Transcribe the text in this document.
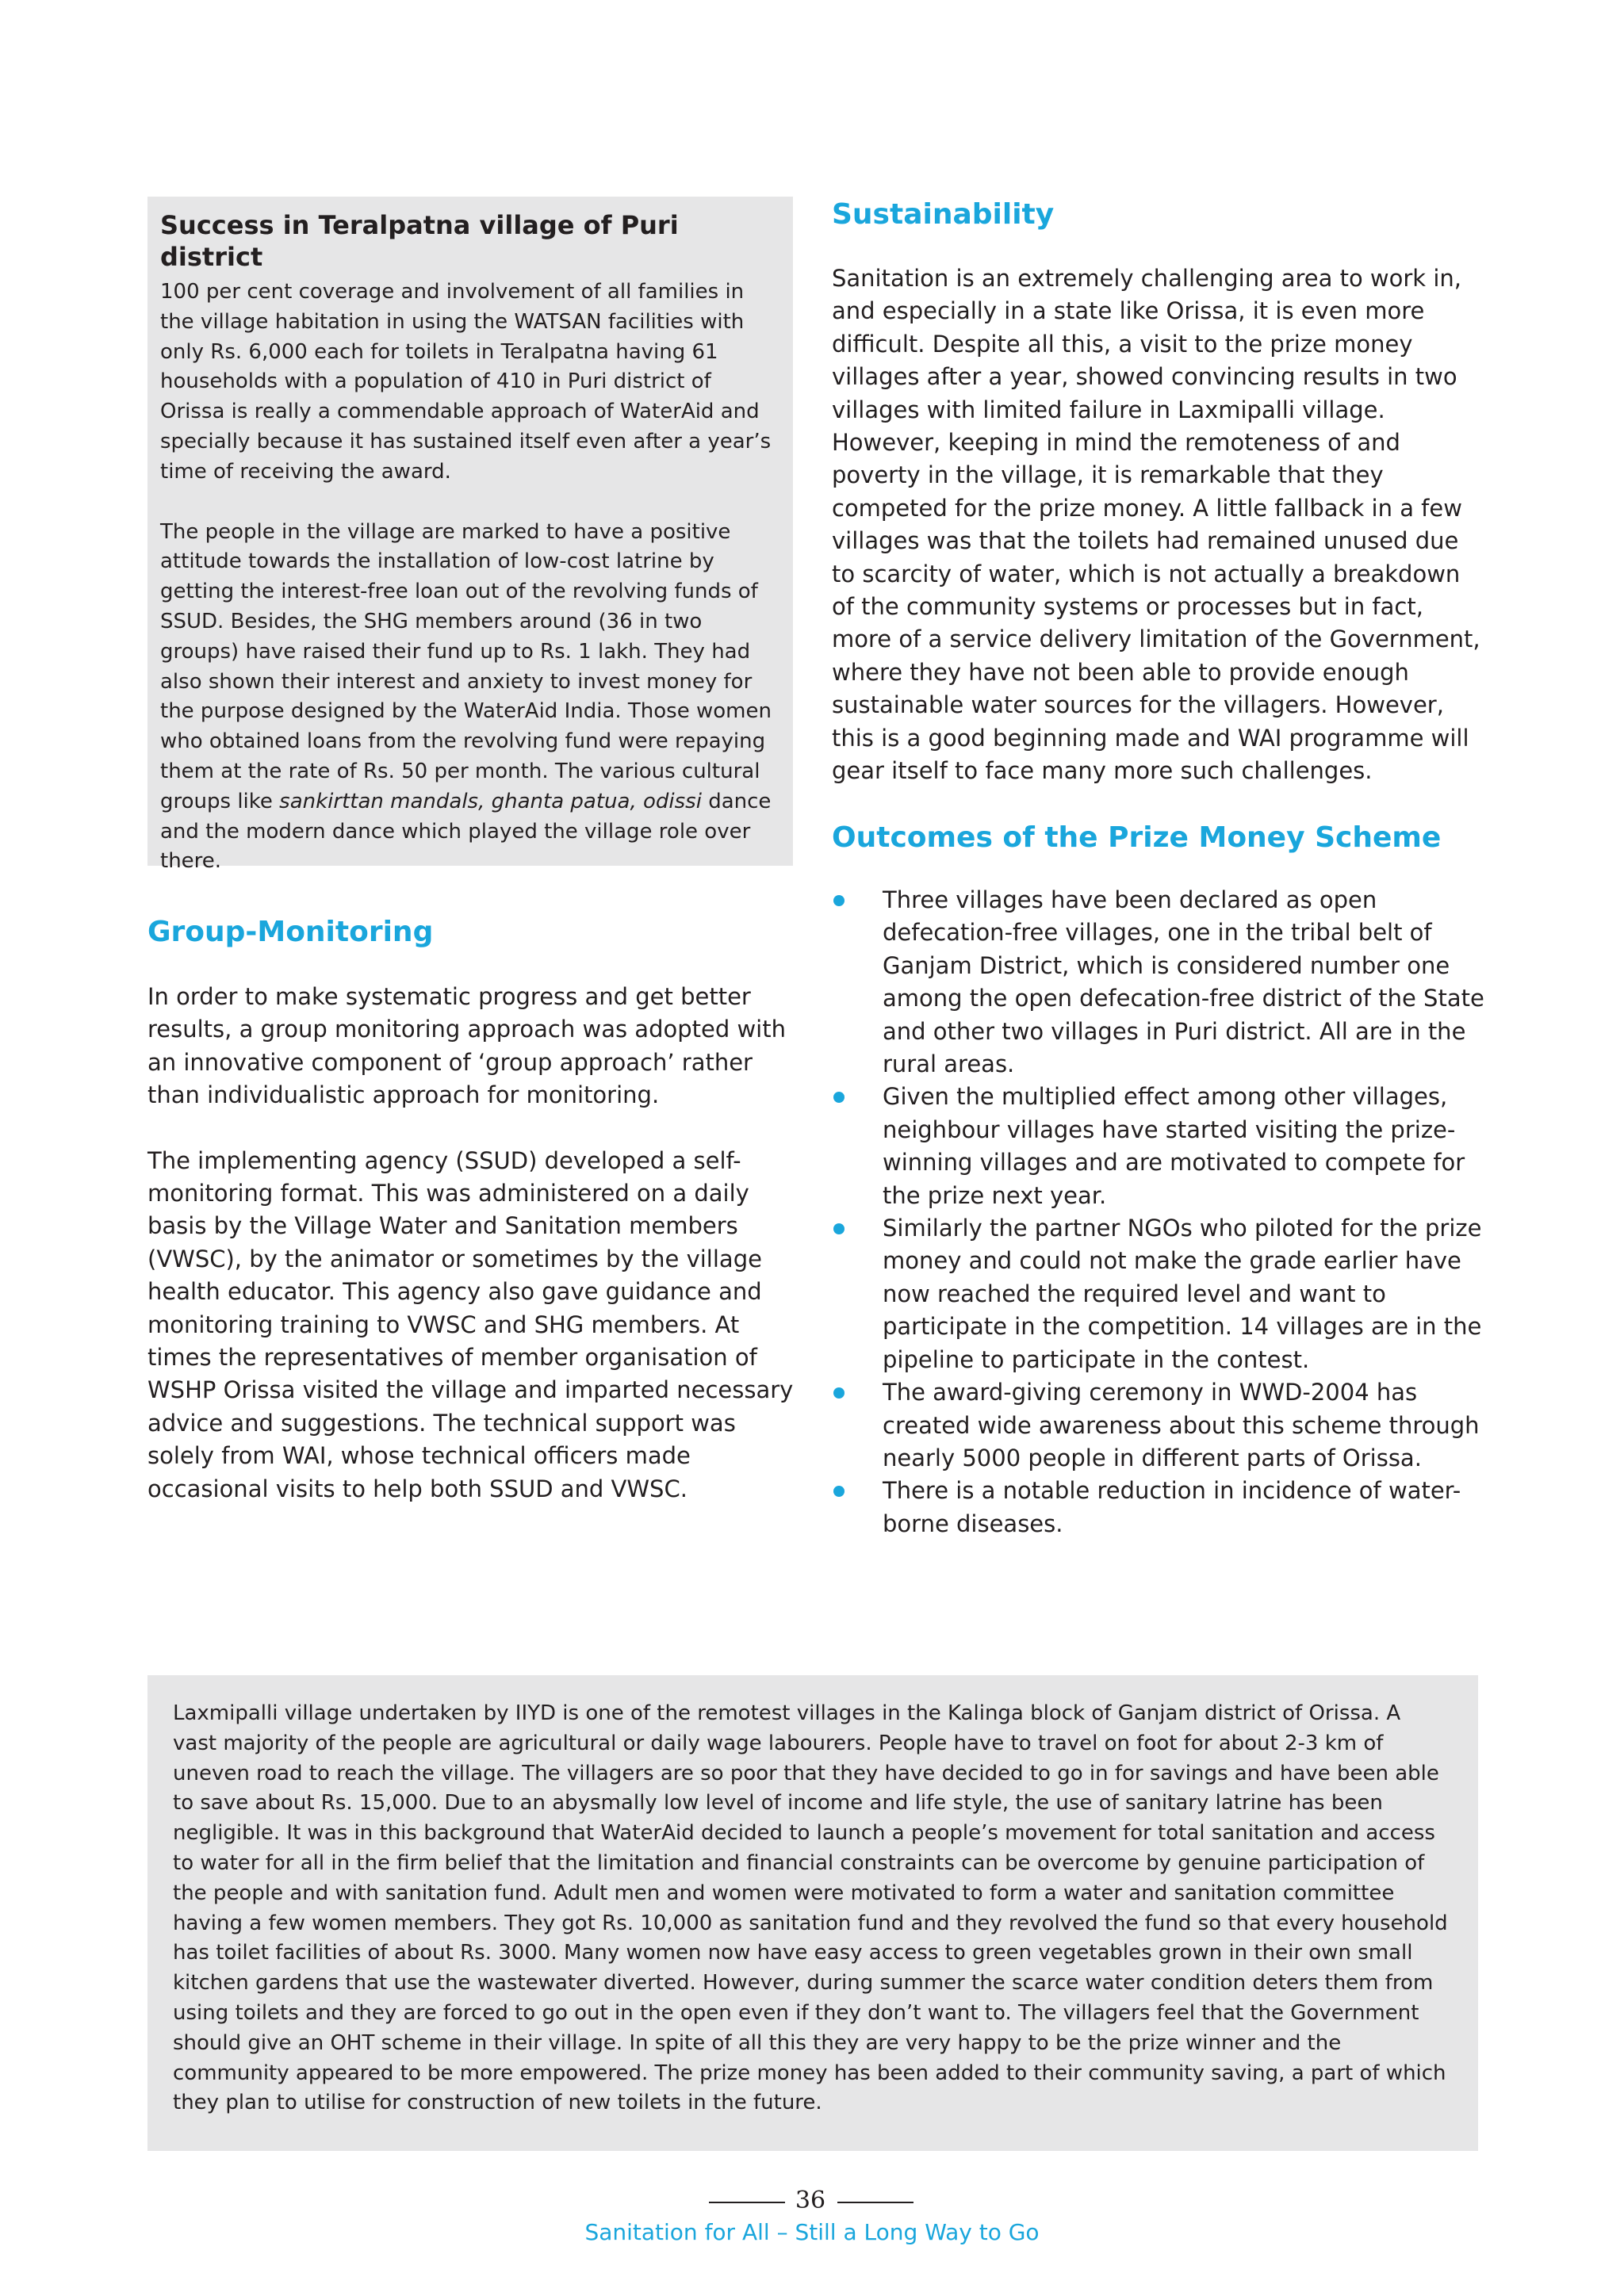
Success in Teralpatna village of Puri district

100 per cent coverage and involvement of all families in the village habitation in using the WATSAN facilities with only Rs. 6,000 each for toilets in Teralpatna having 61 households with a population of 410 in Puri district of Orissa is really a commendable approach of WaterAid and specially because it has sustained itself even after a year’s time of receiving the award.

The people in the village are marked to have a positive attitude towards the installation of low-cost latrine by getting the interest-free loan out of the revolving funds of SSUD. Besides, the SHG members around (36 in two groups) have raised their fund up to Rs. 1 lakh. They had also shown their interest and anxiety to invest money for the purpose designed by the WaterAid India. Those women who obtained loans from the revolving fund were repaying them at the rate of Rs. 50 per month. The various cultural groups like sankirttan mandals, ghanta patua, odissi dance and the modern dance which played the village role over there.

Group-Monitoring

In order to make systematic progress and get better results, a group monitoring approach was adopted with an innovative component of ‘group approach’ rather than individualistic approach for monitoring.

The implementing agency (SSUD) developed a self-monitoring format. This was administered on a daily basis by the Village Water and Sanitation members (VWSC), by the animator or sometimes by the village health educator. This agency also gave guidance and monitoring training to VWSC and SHG members. At times the representatives of member organisation of WSHP Orissa visited the village and imparted necessary advice and suggestions. The technical support was solely from WAI, whose technical officers made occasional visits to help both SSUD and VWSC.

Sustainability

Sanitation is an extremely challenging area to work in, and especially in a state like Orissa, it is even more difficult. Despite all this, a visit to the prize money villages after a year, showed convincing results in two villages with limited failure in Laxmipalli village. However, keeping in mind the remoteness of and poverty in the village, it is remarkable that they competed for the prize money. A little fallback in a few villages was that the toilets had remained unused due to scarcity of water, which is not actually a breakdown of the community systems or processes but in fact, more of a service delivery limitation of the Government, where they have not been able to provide enough sustainable water sources for the villagers. However, this is a good beginning made and WAI programme will gear itself to face many more such challenges.

Outcomes of the Prize Money Scheme
Three villages have been declared as open defecation-free villages, one in the tribal belt of Ganjam District, which is considered number one among the open defecation-free district of the State and other two villages in Puri district. All are in the rural areas.
Given the multiplied effect among other villages, neighbour villages have started visiting the prize-winning villages and are motivated to compete for the prize next year.
Similarly the partner NGOs who piloted for the prize money and could not make the grade earlier have now reached the required level and want to participate in the competition. 14 villages are in the pipeline to participate in the contest.
The award-giving ceremony in WWD-2004 has created wide awareness about this scheme through nearly 5000 people in different parts of Orissa.
There is a notable reduction in incidence of water-borne diseases.

Laxmipalli village undertaken by IIYD is one of the remotest villages in the Kalinga block of Ganjam district of Orissa. A vast majority of the people are agricultural or daily wage labourers. People have to travel on foot for about 2-3 km of uneven road to reach the village. The villagers are so poor that they have decided to go in for savings and have been able to save about Rs. 15,000. Due to an abysmally low level of income and life style, the use of sanitary latrine has been negligible. It was in this background that WaterAid decided to launch a people’s movement for total sanitation and access to water for all in the firm belief that the limitation and financial constraints can be overcome by genuine participation of the people and with sanitation fund. Adult men and women were motivated to form a water and sanitation committee having a few women members. They got Rs. 10,000 as sanitation fund and they revolved the fund so that every household has toilet facilities of about Rs. 3000. Many women now have easy access to green vegetables grown in their own small kitchen gardens that use the wastewater diverted. However, during summer the scarce water condition deters them from using toilets and they are forced to go out in the open even if they don’t want to. The villagers feel that the Government should give an OHT scheme in their village. In spite of all this they are very happy to be the prize winner and the community appeared to be more empowered. The prize money has been added to their community saving, a part of which they plan to utilise for construction of new toilets in the future.

36
Sanitation for All – Still a Long Way to Go
